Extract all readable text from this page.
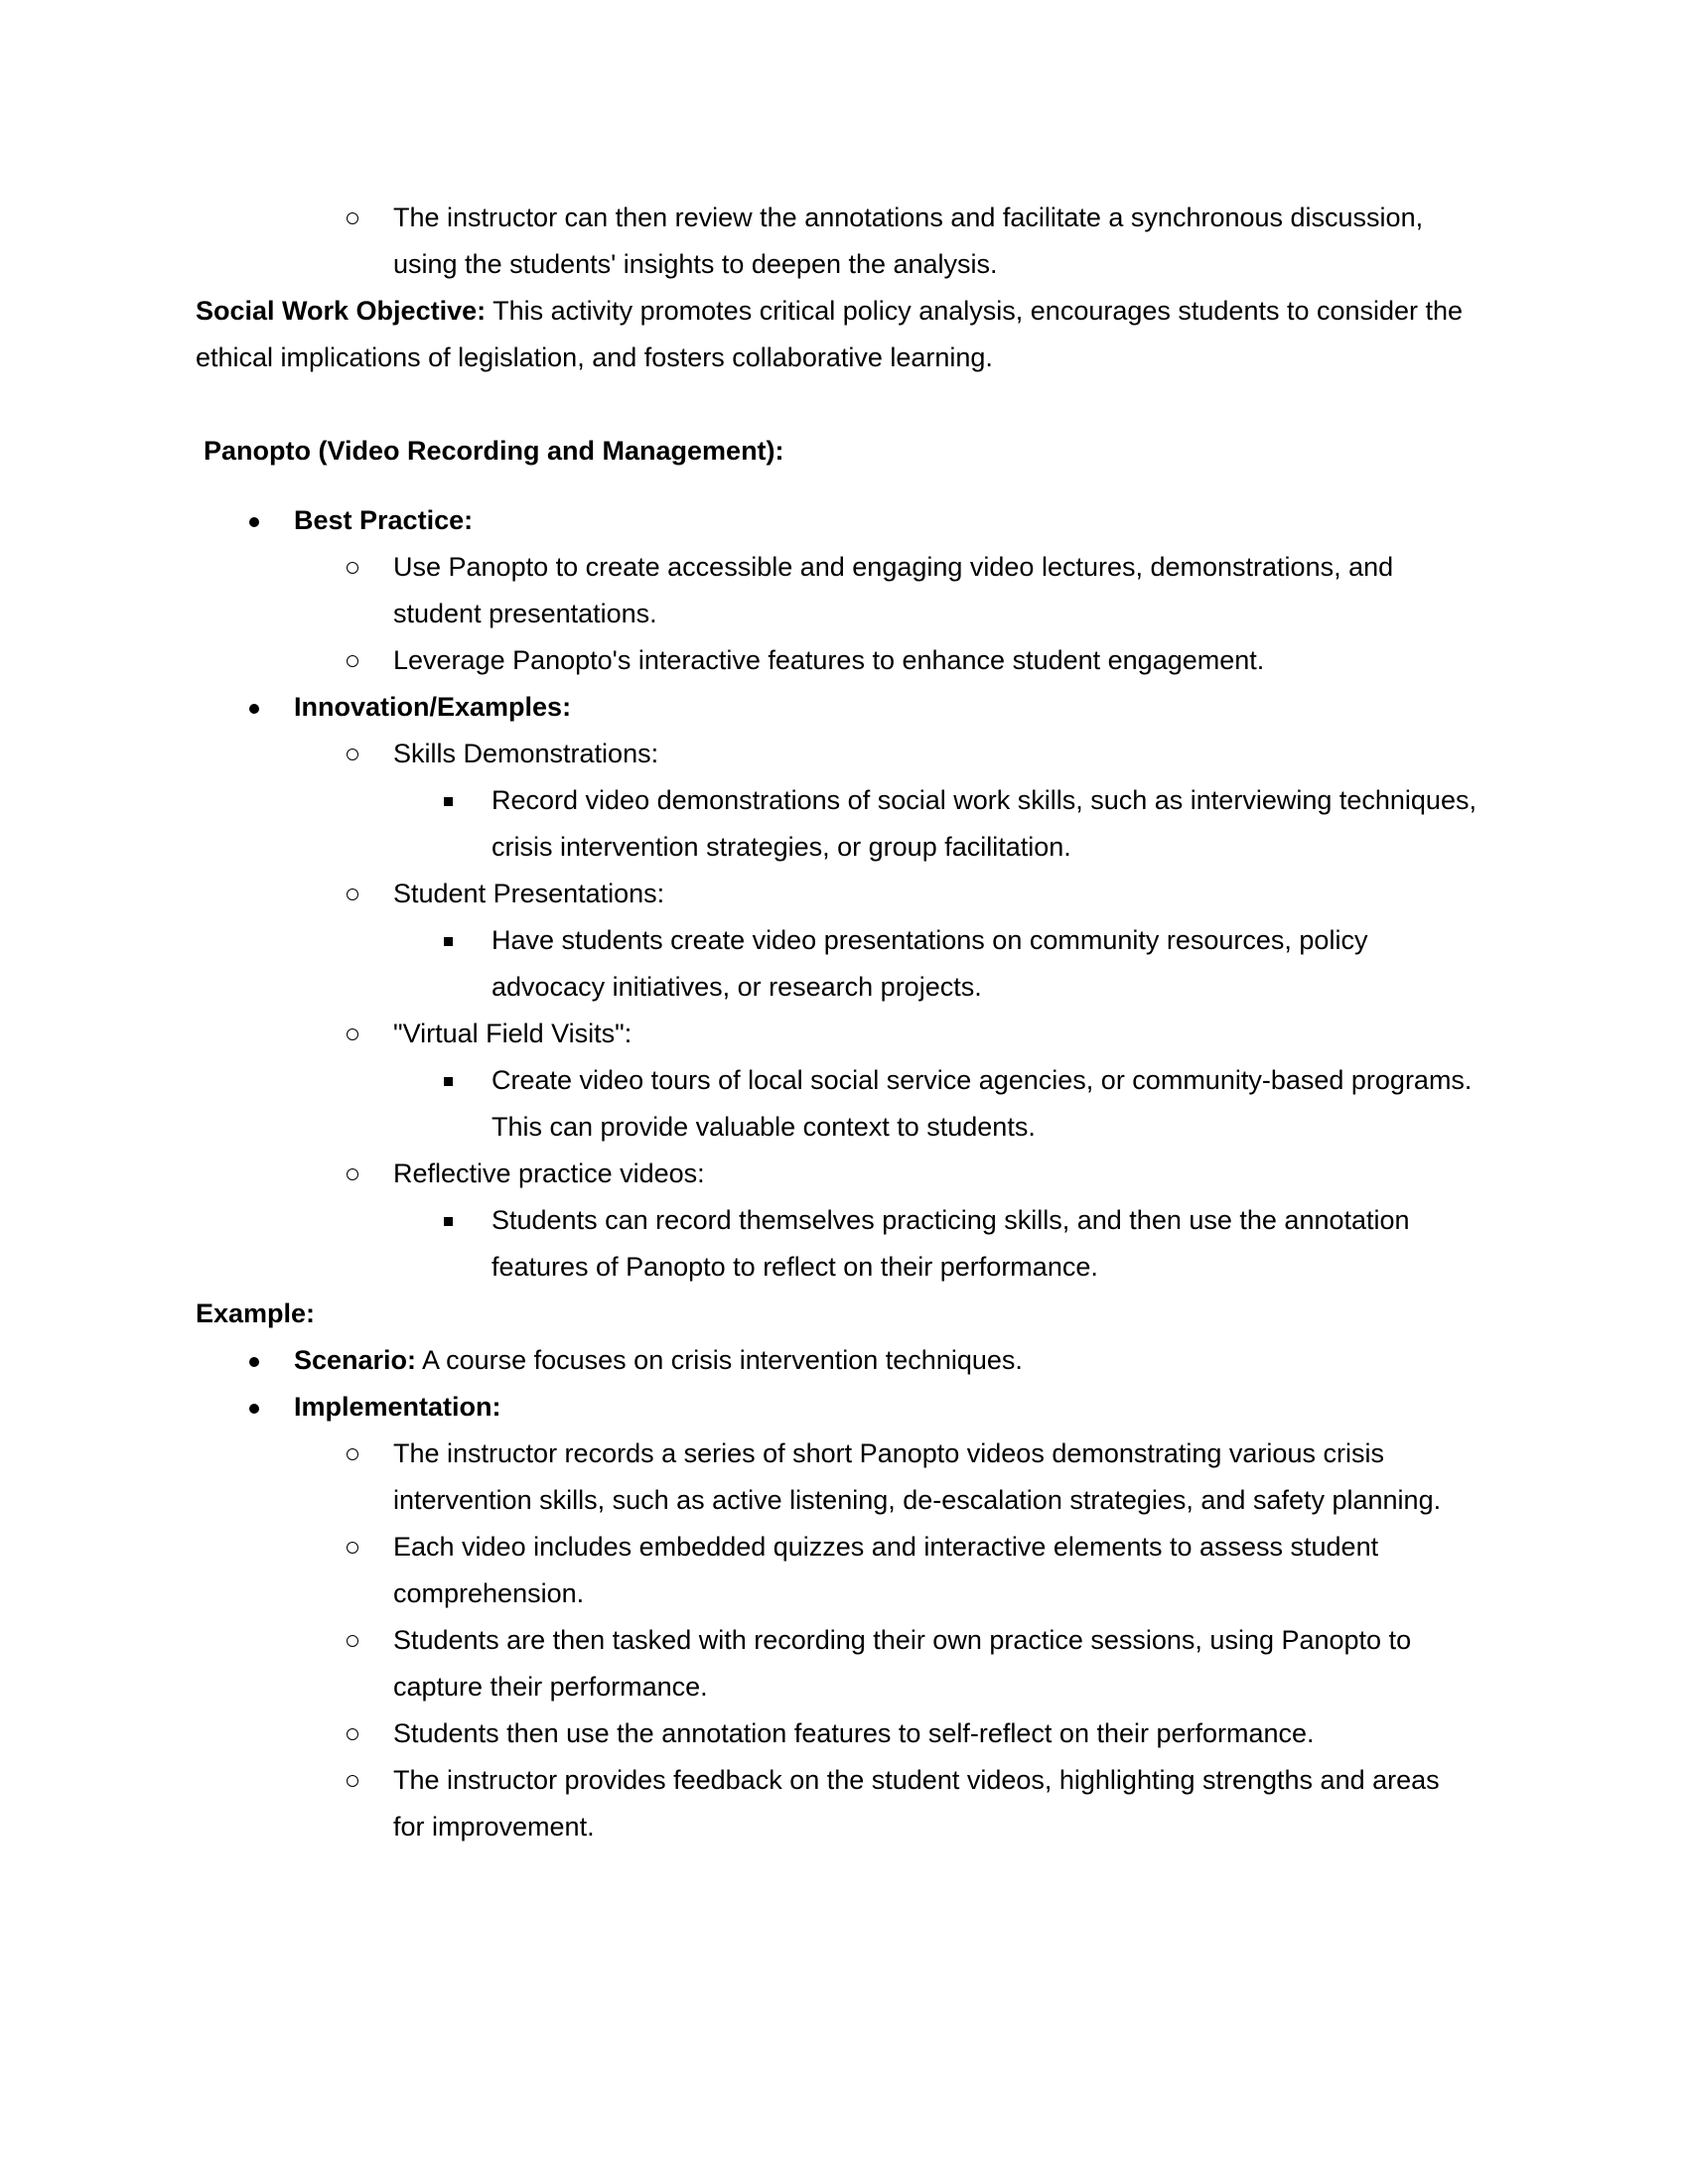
The instructor can then review the annotations and facilitate a synchronous discussion, using the students' insights to deepen the analysis.
Social Work Objective: This activity promotes critical policy analysis, encourages students to consider the ethical implications of legislation, and fosters collaborative learning.
Panopto (Video Recording and Management):
Best Practice:
Use Panopto to create accessible and engaging video lectures, demonstrations, and student presentations.
Leverage Panopto's interactive features to enhance student engagement.
Innovation/Examples:
Skills Demonstrations:
Record video demonstrations of social work skills, such as interviewing techniques, crisis intervention strategies, or group facilitation.
Student Presentations:
Have students create video presentations on community resources, policy advocacy initiatives, or research projects.
"Virtual Field Visits":
Create video tours of local social service agencies, or community-based programs. This can provide valuable context to students.
Reflective practice videos:
Students can record themselves practicing skills, and then use the annotation features of Panopto to reflect on their performance.
Example:
Scenario: A course focuses on crisis intervention techniques.
Implementation:
The instructor records a series of short Panopto videos demonstrating various crisis intervention skills, such as active listening, de-escalation strategies, and safety planning.
Each video includes embedded quizzes and interactive elements to assess student comprehension.
Students are then tasked with recording their own practice sessions, using Panopto to capture their performance.
Students then use the annotation features to self-reflect on their performance.
The instructor provides feedback on the student videos, highlighting strengths and areas for improvement.
